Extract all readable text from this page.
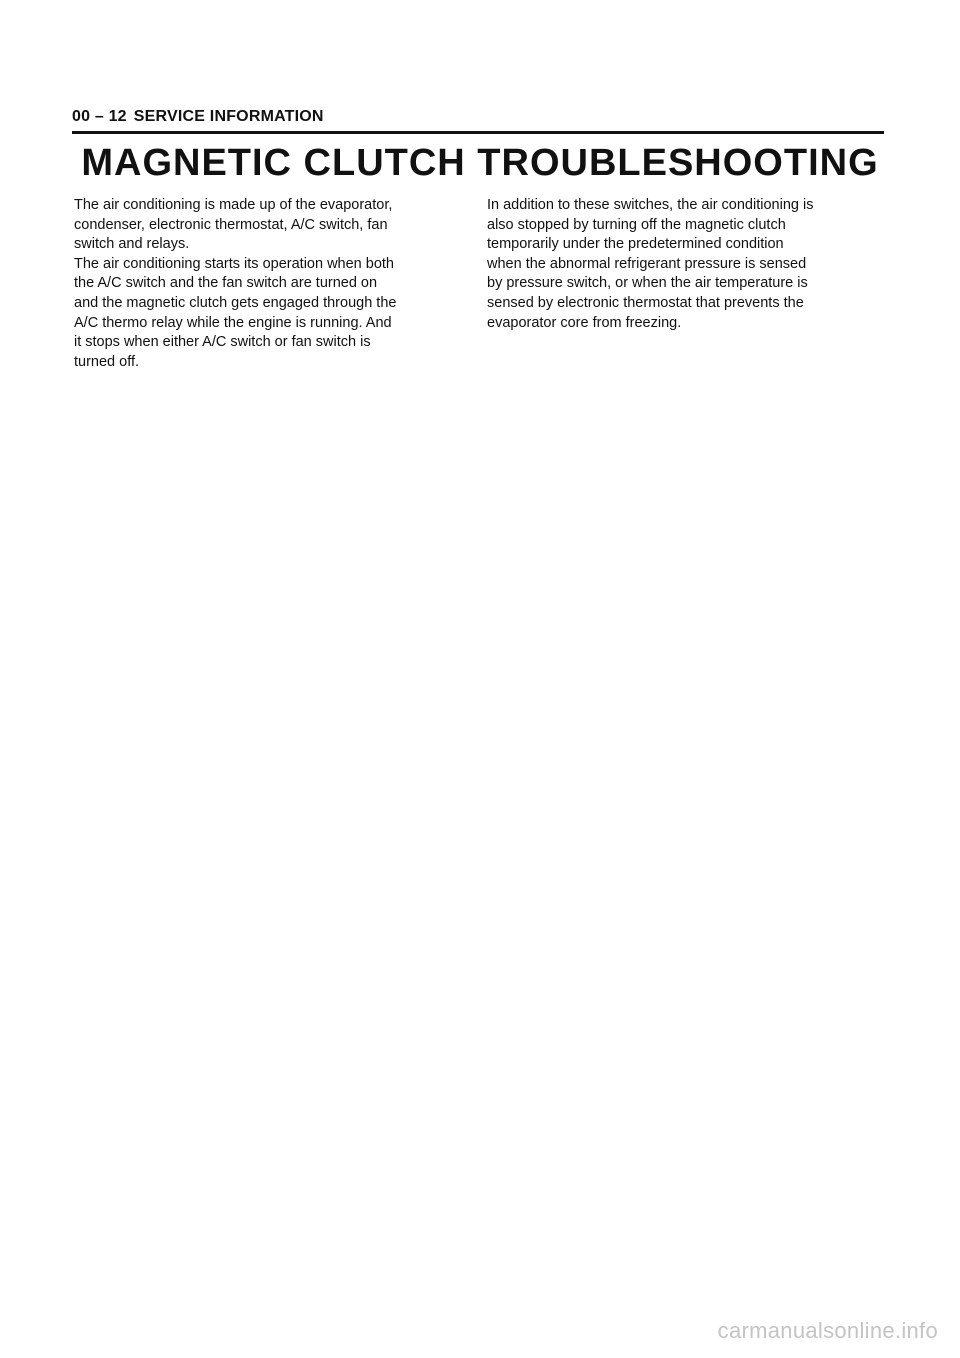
00 – 12 SERVICE INFORMATION
MAGNETIC CLUTCH TROUBLESHOOTING

The air conditioning is made up of the evaporator,

condenser, electronic thermostat, A/C switch, fan

switch and relays.

The air conditioning starts its operation when both

the A/C switch and the fan switch are turned on

and the magnetic clutch gets engaged through the

A/C thermo relay while the engine is running. And

it stops when either A/C switch or fan switch is

turned off.

In addition to these switches, the air conditioning is

also stopped by turning off the magnetic clutch

temporarily under the predetermined condition

when the abnormal refrigerant pressure is sensed

by pressure switch, or when the air temperature is

sensed by electronic thermostat that prevents the

evaporator core from freezing.

carmanualsonline.info
